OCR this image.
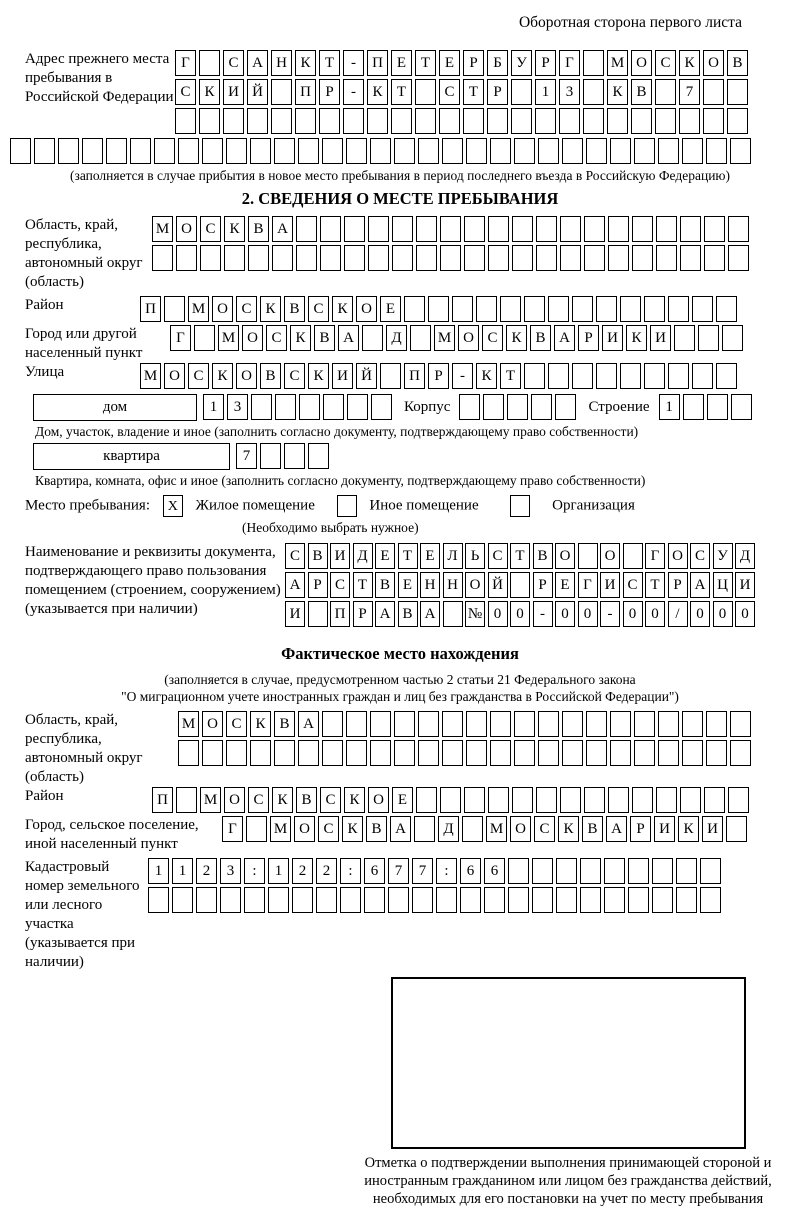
Оборотная сторона первого листа
Адрес прежнего места пребывания в Российской Федерации
Г	С А Н К Т	-	П Е Т Е	Р	Б У Р	Г	М О С К О В
С К И Й	П Р	-	К Т	С Т	Р	1	3	К В	7
(заполняется в случае прибытия в новое место пребывания в период последнего въезда в Российскую Федерацию)
2. СВЕДЕНИЯ О МЕСТЕ ПРЕБЫВАНИЯ
Область, край, республика, автономный округ (область)
М О С К В А
Район	П	М О С К В С К О Е
Город или другой населенный пункт
Г	М О С К В А	Д	М О С К В А Р И К И
Улица	М О С К О В С К И Й	П Р	-	К Т
дом	1	3	Корпус	Строение	1
Дом, участок, владение и иное (заполнить согласно документу, подтверждающему право собственности)
квартира	7
Квартира, комната, офис и иное (заполнить согласно документу, подтверждающему право собственности)
Место пребывания: X Жилое помещение	Иное помещение	Организация
(Необходимо выбрать нужное)
Наименование и реквизиты документа, подтверждающего право пользования помещением (строением, сооружением) (указывается при наличии)
С В И Д Е Т Е Л Ь С Т В О	О	Г О С У Д
А Р С Т В Е Н Н О Й	Р Е Г И С Т Р А Ц И
И	П Р А В А	№ 0	0	-	0	0	-	0	0	/	0	0	0
Фактическое место нахождения
(заполняется в случае, предусмотренном частью 2 статьи 21 Федерального закона
"О миграционном учете иностранных граждан и лиц без гражданства в Российской Федерации")
Область, край, республика, автономный округ (область)
М О С К В А
Район	П	М О С К В С К О Е
Город, сельское поселение, иной населенный пункт
Г	М О С К В А	Д	М О С К В А Р И К И
Кадастровый номер земельного или лесного участка (указывается при наличии)
1	1	2	3	:	1	2	2	:	6	7	7	:	6	6
Отметка о подтверждении выполнения принимающей стороной и иностранным гражданином или лицом без гражданства действий, необходимых для его постановки на учет по месту пребывания
